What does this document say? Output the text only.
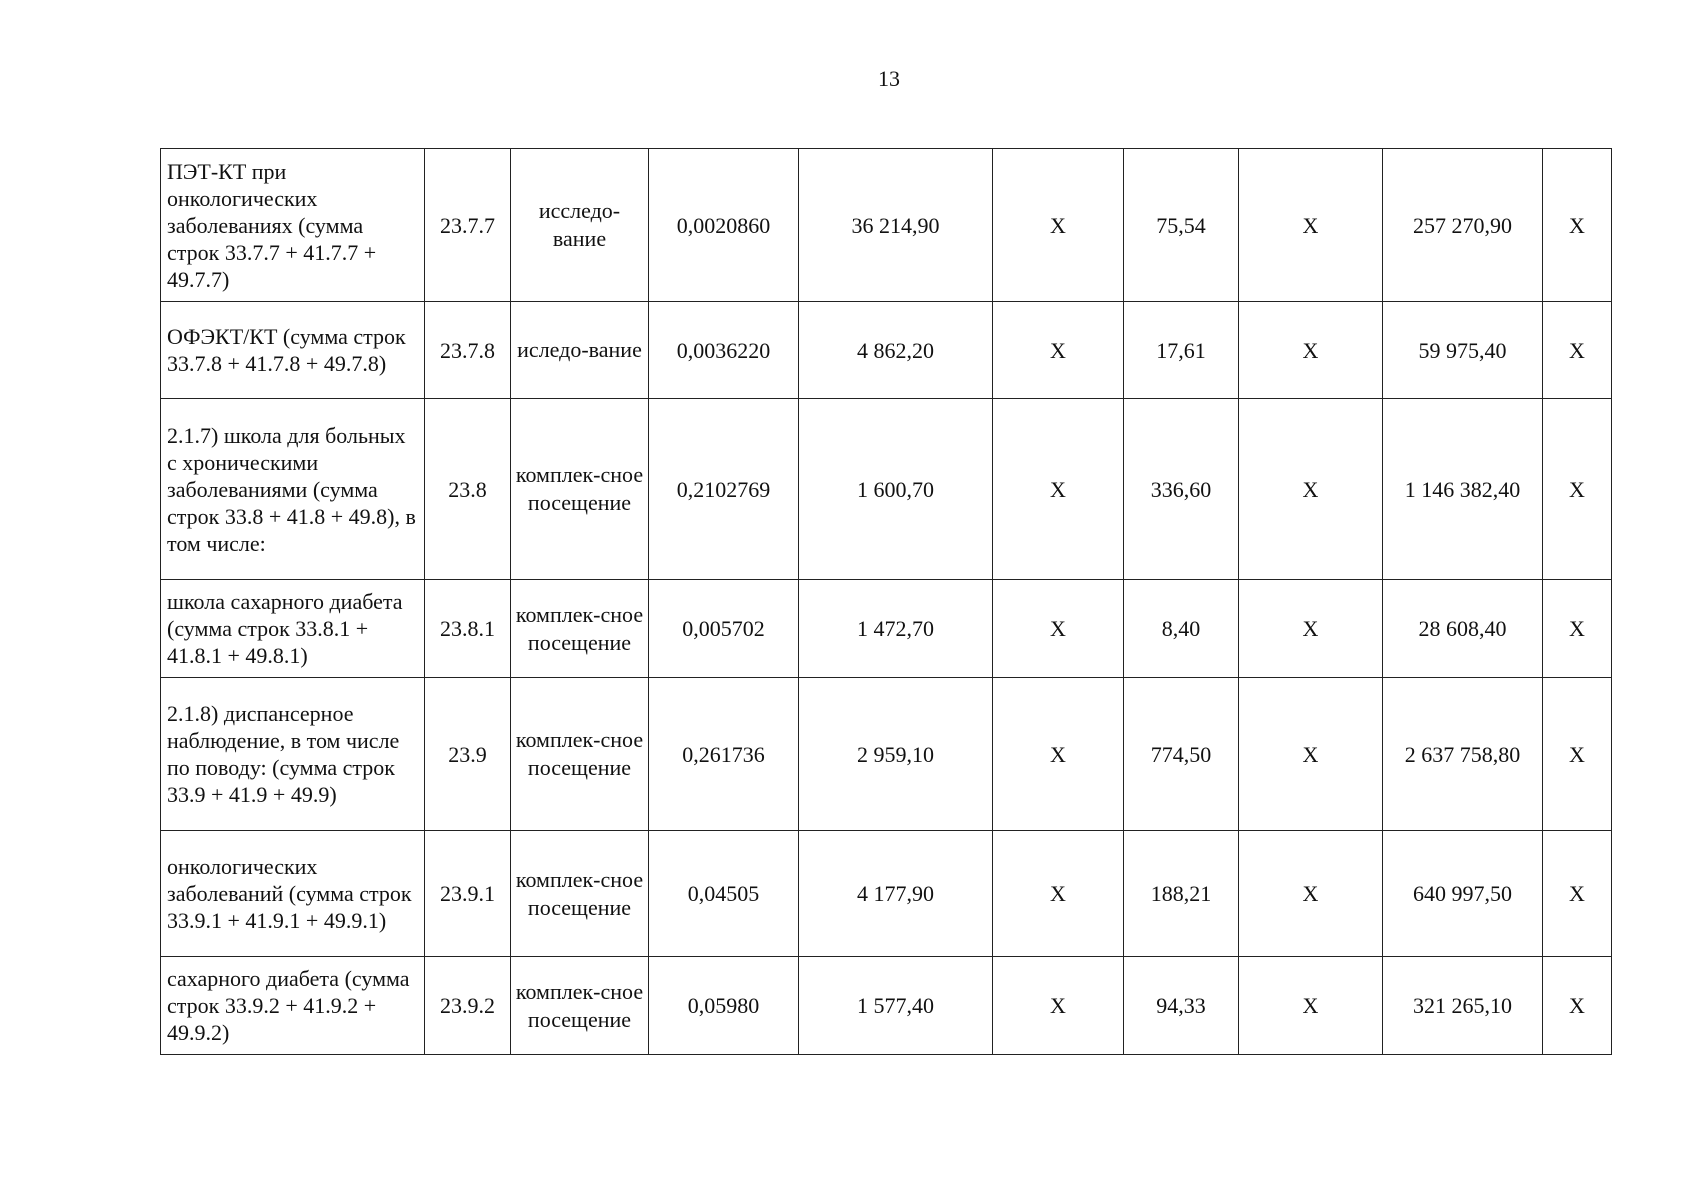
13
ПЭТ-КТ при онкологических заболеваниях (сумма строк 33.7.7 + 41.7.7 + 49.7.7)	23.7.7	исследо-вание	0,0020860	36 214,90	X	75,54	X	257 270,90	X
ОФЭКТ/КТ (сумма строк 33.7.8 + 41.7.8 + 49.7.8)	23.7.8	иследо-вание	0,0036220	4 862,20	X	17,61	X	59 975,40	X
2.1.7) школа для больных с хроническими заболеваниями (сумма строк 33.8 + 41.8 + 49.8), в том числе:	23.8	комплек-сное посещение	0,2102769	1 600,70	X	336,60	X	1 146 382,40	X
школа сахарного диабета (сумма строк 33.8.1 + 41.8.1 + 49.8.1)	23.8.1	комплек-сное посещение	0,005702	1 472,70	X	8,40	X	28 608,40	X
2.1.8) диспансерное наблюдение, в том числе по поводу: (сумма строк 33.9 + 41.9 + 49.9)	23.9	комплек-сное посещение	0,261736	2 959,10	X	774,50	X	2 637 758,80	X
онкологических заболеваний (сумма строк 33.9.1 + 41.9.1 + 49.9.1)	23.9.1	комплек-сное посещение	0,04505	4 177,90	X	188,21	X	640 997,50	X
сахарного диабета (сумма строк 33.9.2 + 41.9.2 + 49.9.2)	23.9.2	комплек-сное посещение	0,05980	1 577,40	X	94,33	X	321 265,10	X
